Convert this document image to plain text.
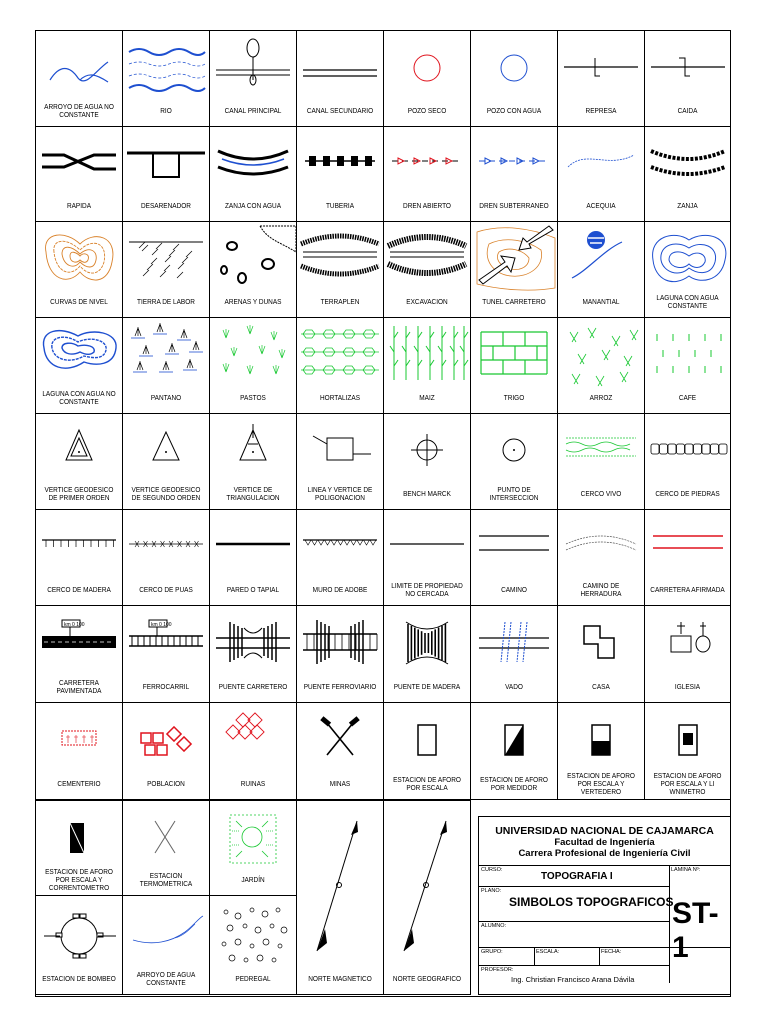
ESTACION DE AFORO POR ESCALA Y LI WNIMETRO
ESTACION DE AFORO POR ESCALA Y VERTEDERO
ESTACION DE AFORO POR MEDIDOR
ESTACION DE AFORO POR ESCALA
MINAS
RUINAS
POBLACION
CEMENTERIO
IGLESIA
CASA
VADO
PUENTE DE MADERA
PUENTE FERROVIARIO
PUENTE CARRETERO
km 0 100
FERROCARRIL
km 0 100
CARRETERA PAVIMENTADA
CARRETERA AFIRMADA
CAMINO DE HERRADURA
CAMINO
LIMITE DE PROPIEDAD NO CERCADA
MURO DE ADOBE
PARED O TAPIAL
CERCO DE PUAS
CERCO DE MADERA
CERCO DE PIEDRAS
CERCO VIVO
PUNTO DE INTERSECCION
BENCH MARCK
LINEA Y VERTICE DE POLIGONACION
VERTICE DE TRIANGULACION
VERTICE GEODESICO DE SEGUNDO ORDEN
VERTICE GEODESICO DE PRIMER ORDEN
CAFE
ARROZ
TRIGO
MAIZ
HORTALIZAS
PASTOS
PANTANO
LAGUNA CON AGUA NO CONSTANTE
LAGUNA CON AGUA CONSTANTE
MANANTIAL
TUNEL CARRETERO
EXCAVACION
TERRAPLEN
ARENAS Y DUNAS
TIERRA DE LABOR
CURVAS DE NIVEL
ZANJA
ACEQUIA
DREN SUBTERRANEO
DREN ABIERTO
TUBERIA
ZANJA CON AGUA
DESARENADOR
RAPIDA
CAIDA
REPRESA
POZO CON AGUA
POZO SECO
CANAL SECUNDARIO
CANAL PRINCIPAL
RIO
ARROYO DE AGUA NO CONSTANTE
ESTACION DE AFORO POR ESCALA Y CORRENTOMETRO
ESTACION TERMOMETRICA	JARDÍN
NORTE MAGNETICO	NORTE GEOGRAFICO
ESTACION DE BOMBEO	ARROYO DE AGUA CONSTANTE	PEDREGAL
UNIVERSIDAD NACIONAL DE CAJAMARCA
Facultad de Ingeniería
Carrera Profesional de Ingeniería Civil
CURSO:
TOPOGRAFIA I
LAMINA Nº:
ST-1
PLANO:
SIMBOLOS TOPOGRAFICOS
ALUMNO:
GRUPO:	ESCALA:	FECHA:
PROFESOR:
Ing. Christian Francisco Arana Dávila
